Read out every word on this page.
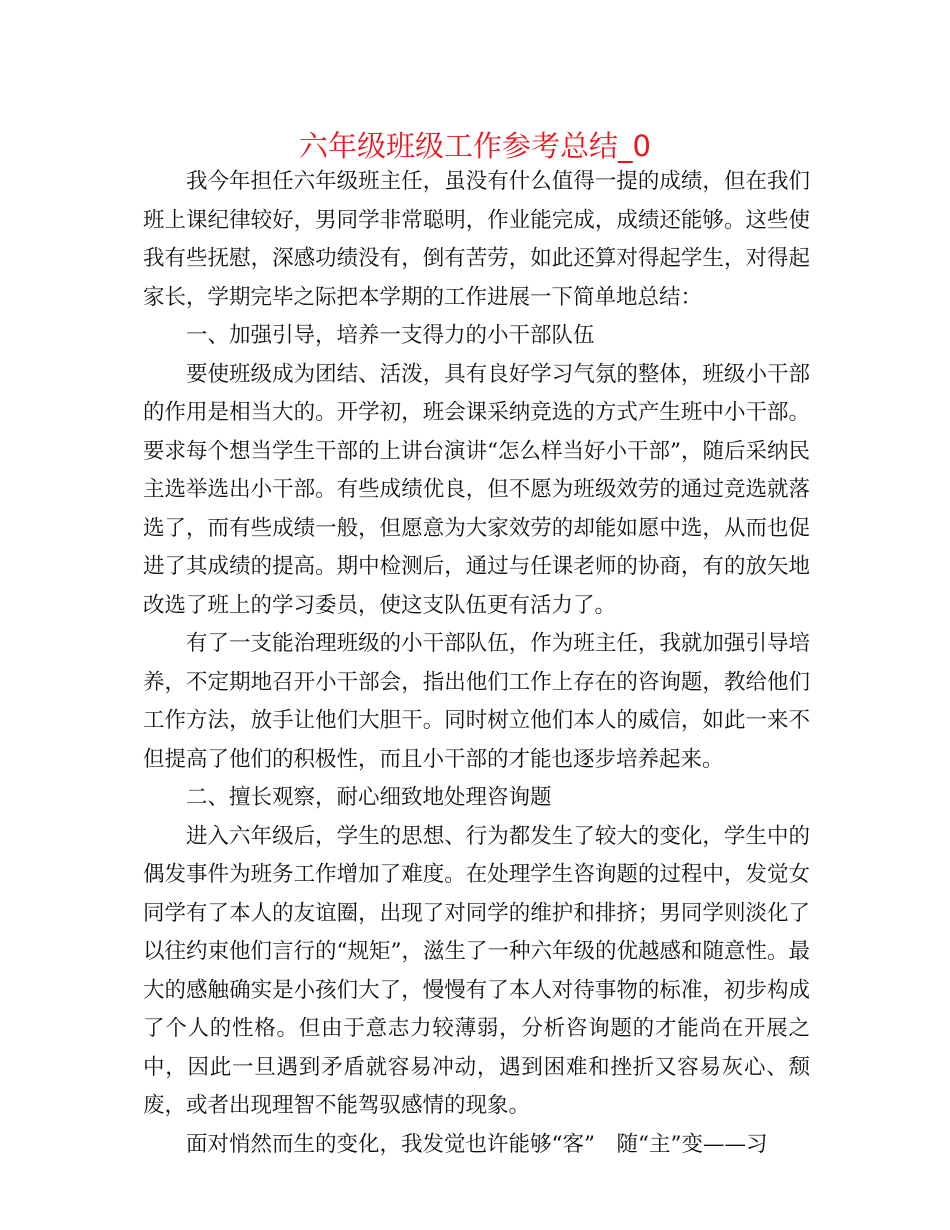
六年级班级工作参考总结_0

我今年担任六年级班主任，虽没有什么值得一提的成绩，但在我们班上课纪律较好，男同学非常聪明，作业能完成，成绩还能够。这些使我有些抚慰，深感功绩没有，倒有苦劳，如此还算对得起学生，对得起家长，学期完毕之际把本学期的工作进展一下简单地总结：

一、加强引导，培养一支得力的小干部队伍

要使班级成为团结、活泼，具有良好学习气氛的整体，班级小干部的作用是相当大的。开学初，班会课采纳竞选的方式产生班中小干部。要求每个想当学生干部的上讲台演讲“怎么样当好小干部”，随后采纳民主选举选出小干部。有些成绩优良，但不愿为班级效劳的通过竞选就落选了，而有些成绩一般，但愿意为大家效劳的却能如愿中选，从而也促进了其成绩的提高。期中检测后，通过与任课老师的协商，有的放矢地改选了班上的学习委员，使这支队伍更有活力了。

有了一支能治理班级的小干部队伍，作为班主任，我就加强引导培养，不定期地召开小干部会，指出他们工作上存在的咨询题，教给他们工作方法，放手让他们大胆干。同时树立他们本人的威信，如此一来不但提高了他们的积极性，而且小干部的才能也逐步培养起来。

二、擅长观察，耐心细致地处理咨询题

进入六年级后，学生的思想、行为都发生了较大的变化，学生中的偶发事件为班务工作增加了难度。在处理学生咨询题的过程中，发觉女同学有了本人的友谊圈，出现了对同学的维护和排挤；男同学则淡化了以往约束他们言行的“规矩”，滋生了一种六年级的优越感和随意性。最大的感触确实是小孩们大了，慢慢有了本人对待事物的标准，初步构成了个人的性格。但由于意志力较薄弱，分析咨询题的才能尚在开展之中，因此一旦遇到矛盾就容易冲动，遇到困难和挫折又容易灰心、颓废，或者出现理智不能驾驭感情的现象。

面对悄然而生的变化，我发觉也许能够“客”　随“主”变——习
